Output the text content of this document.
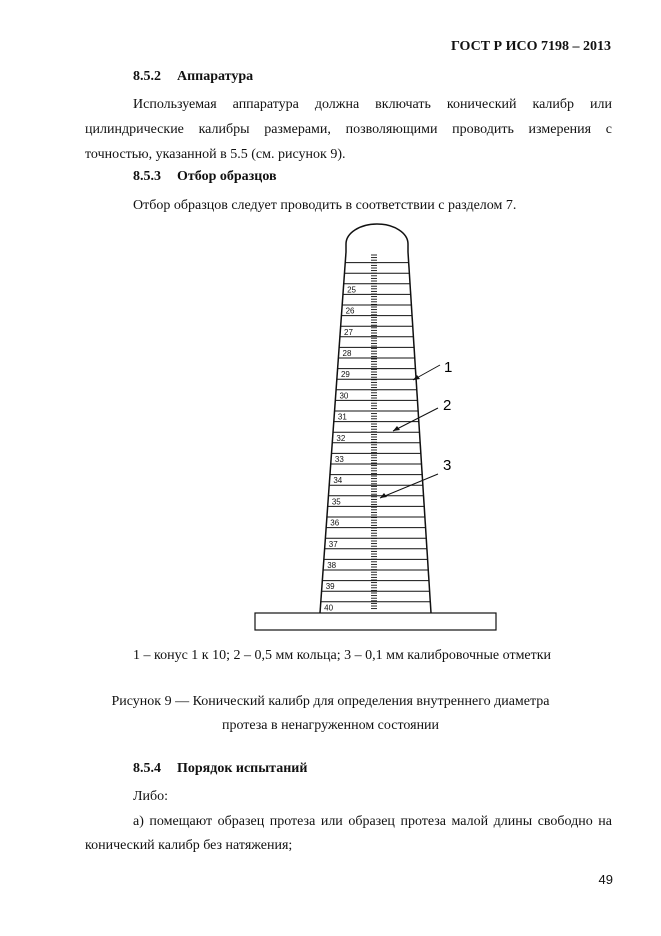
ГОСТ Р ИСО 7198 – 2013
8.5.2 Аппаратура
Используемая аппаратура должна включать конический калибр или
цилиндрические калибры размерами, позволяющими проводить измерения с
точностью, указанной в 5.5 (см. рисунок 9).
8.5.3 Отбор образцов
Отбор образцов следует проводить в соответствии с разделом 7.
25
26
27
28
29
30
31
32
33
34
35
36
37
38
39
40
1
2
3
1 – конус 1 к 10; 2 – 0,5 мм кольца; 3 – 0,1 мм калибровочные отметки
Рисунок 9 — Конический калибр для определения внутреннего диаметра
протеза в ненагруженном состоянии
8.5.4 Порядок испытаний
Либо:
а) помещают образец протеза или образец протеза малой длины свободно на
конический калибр без натяжения;
49
